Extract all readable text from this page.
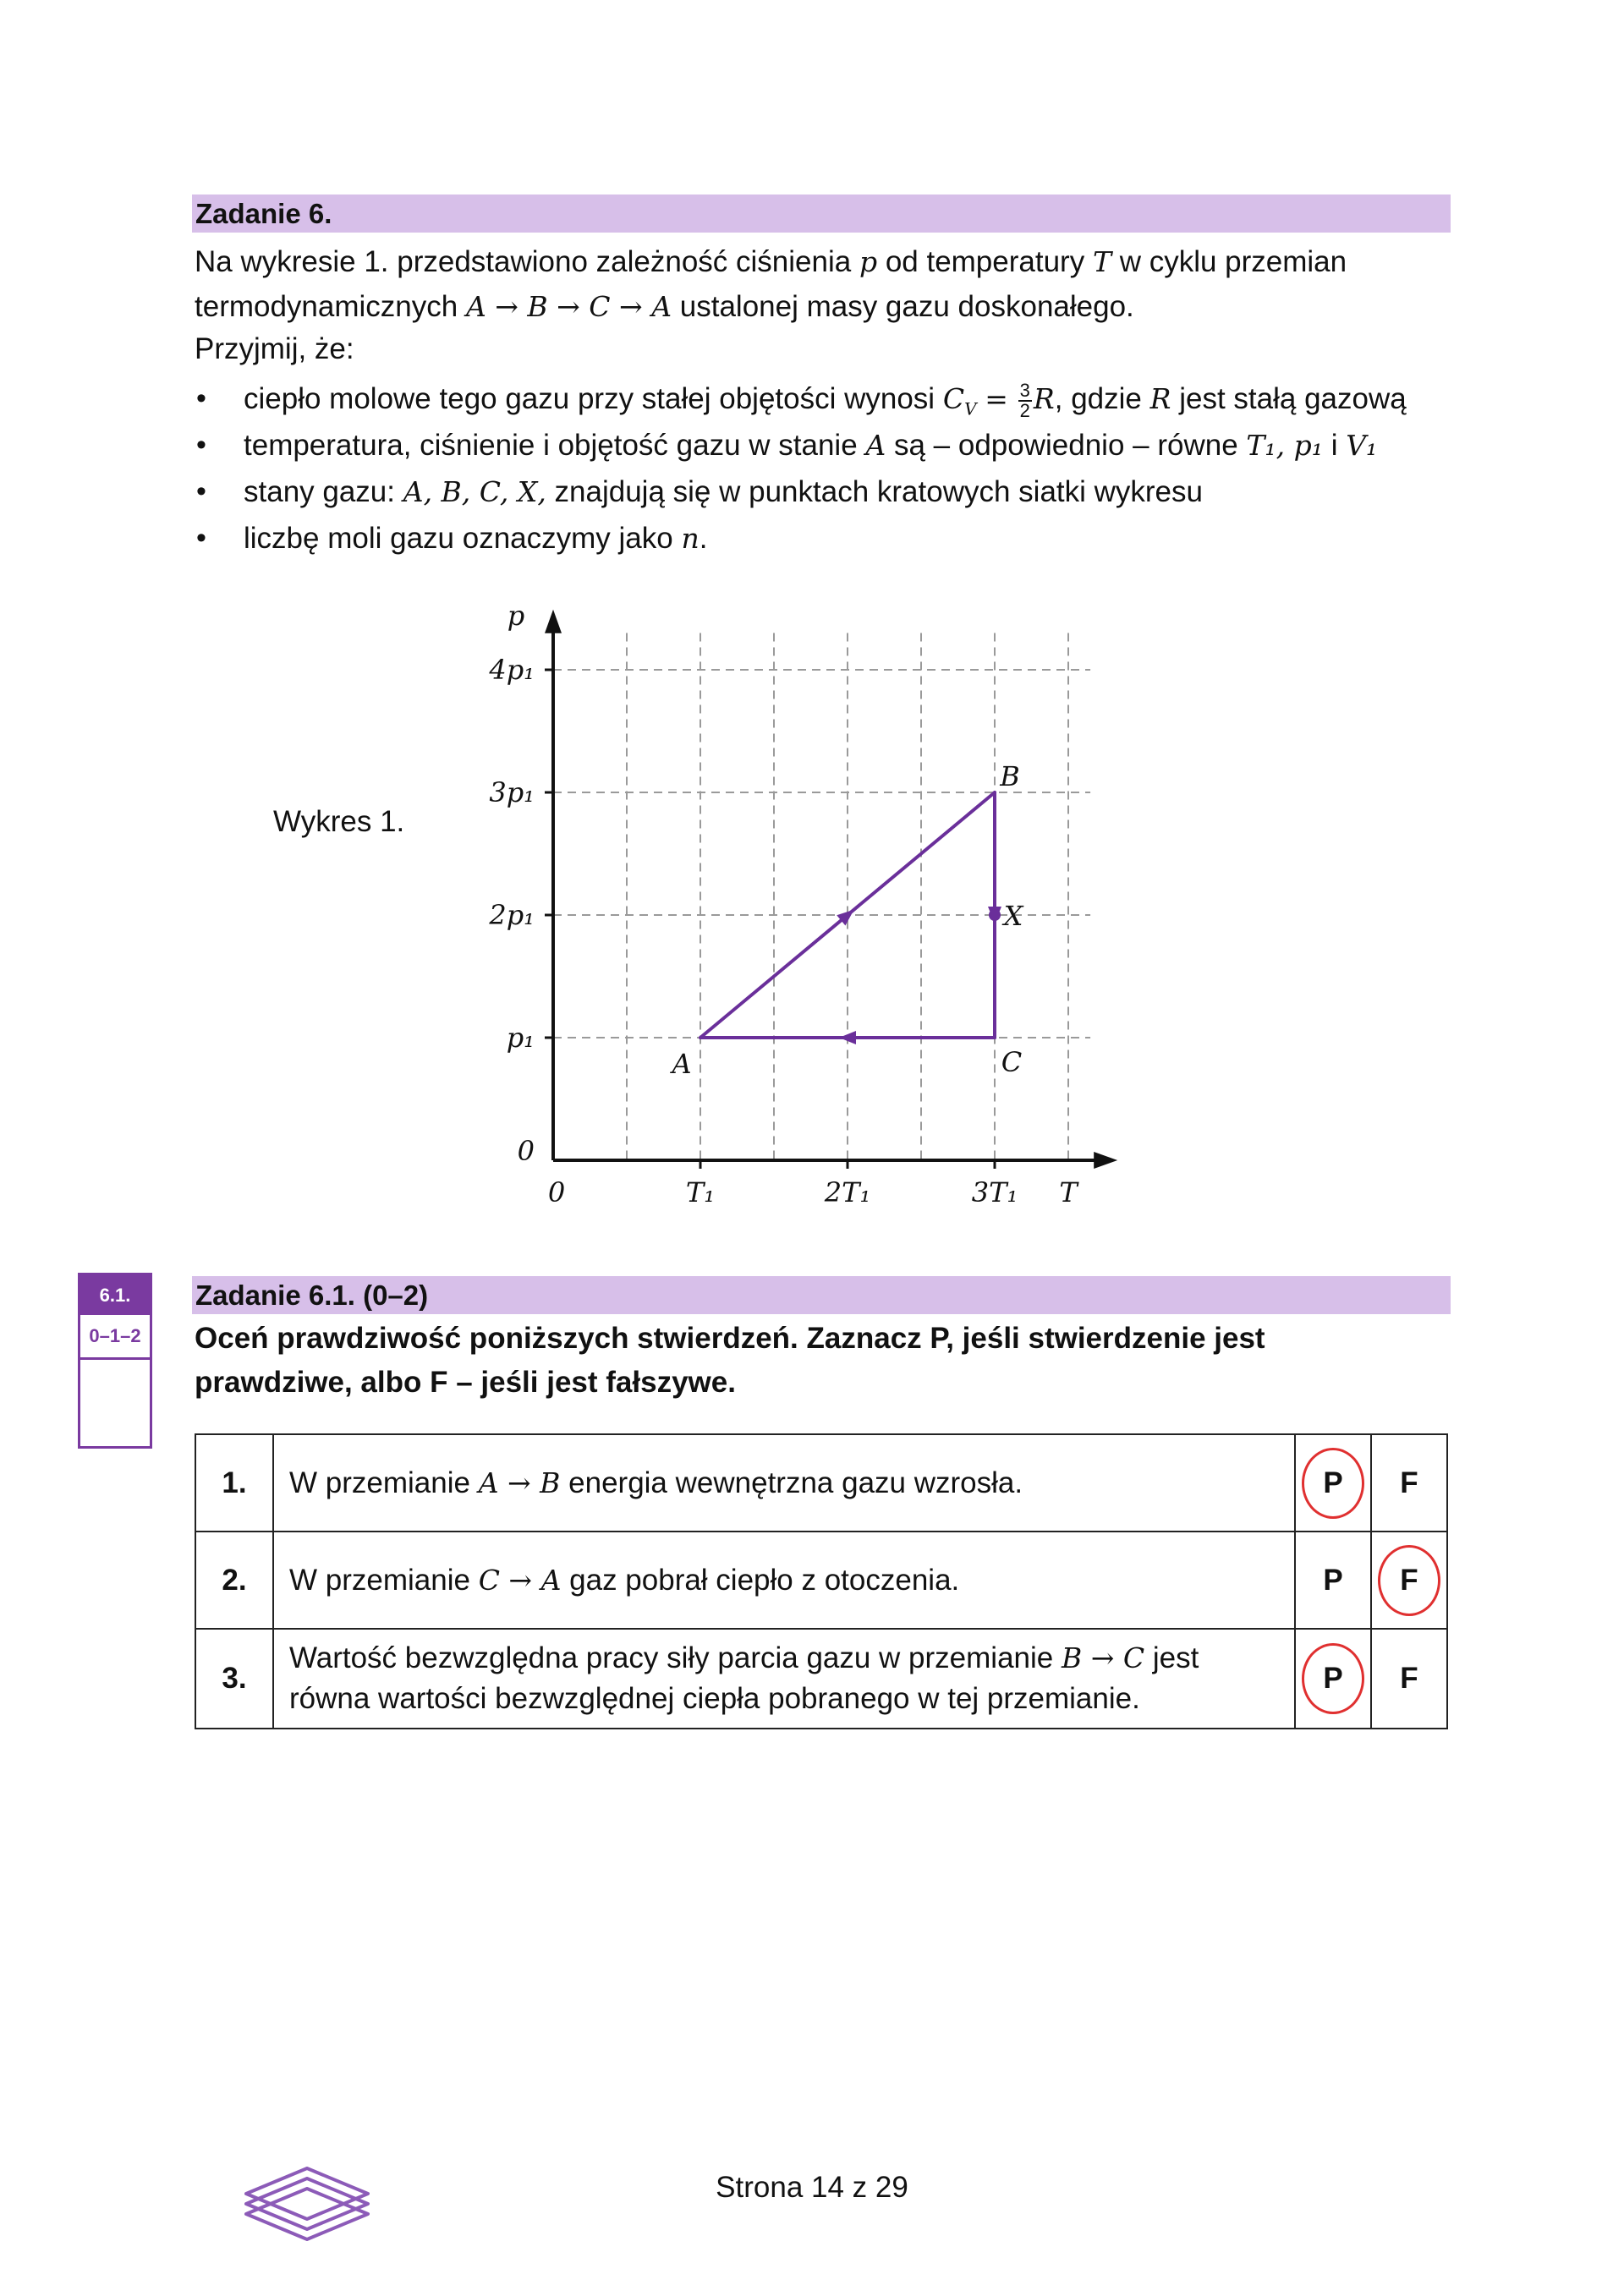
Zadanie 6.
Na wykresie 1. przedstawiono zależność ciśnienia p od temperatury T w cyklu przemian
termodynamicznych A → B → C → A ustalonej masy gazu doskonałego.
Przyjmij, że:
• ciepło molowe tego gazu przy stałej objętości wynosi $C_V = \frac{3}{2} R$, gdzie R jest stałą gazową
• temperatura, ciśnienie i objętość gazu w stanie A są – odpowiednio – równe T₁, p₁ i V₁
• stany gazu: A, B, C, X, znajdują się w punktach kratowych siatki wykresu
• liczbę moli gazu oznaczymy jako n.
Wykres 1.
0
p₁
2p₁
3p₁
4p₁
0	T₁	2T₁	3T₁ T
p
A
B
C
X
6.1.
0–1–2
Zadanie 6.1. (0–2)
Oceń prawdziwość poniższych stwierdzeń. Zaznacz P, jeśli stwierdzenie jest
prawdziwe, albo F – jeśli jest fałszywe.
1.	W przemianie A → B energia wewnętrzna gazu wzrosła.	P	F
2.	W przemianie C → A gaz pobrał ciepło z otoczenia.	P	F

3.	Wartość bezwzględna pracy siły parcia gazu w przemianie B → C jest
równa wartości bezwzględnej ciepła pobranego w tej przemianie.	P	F
Strona 14 z 29
